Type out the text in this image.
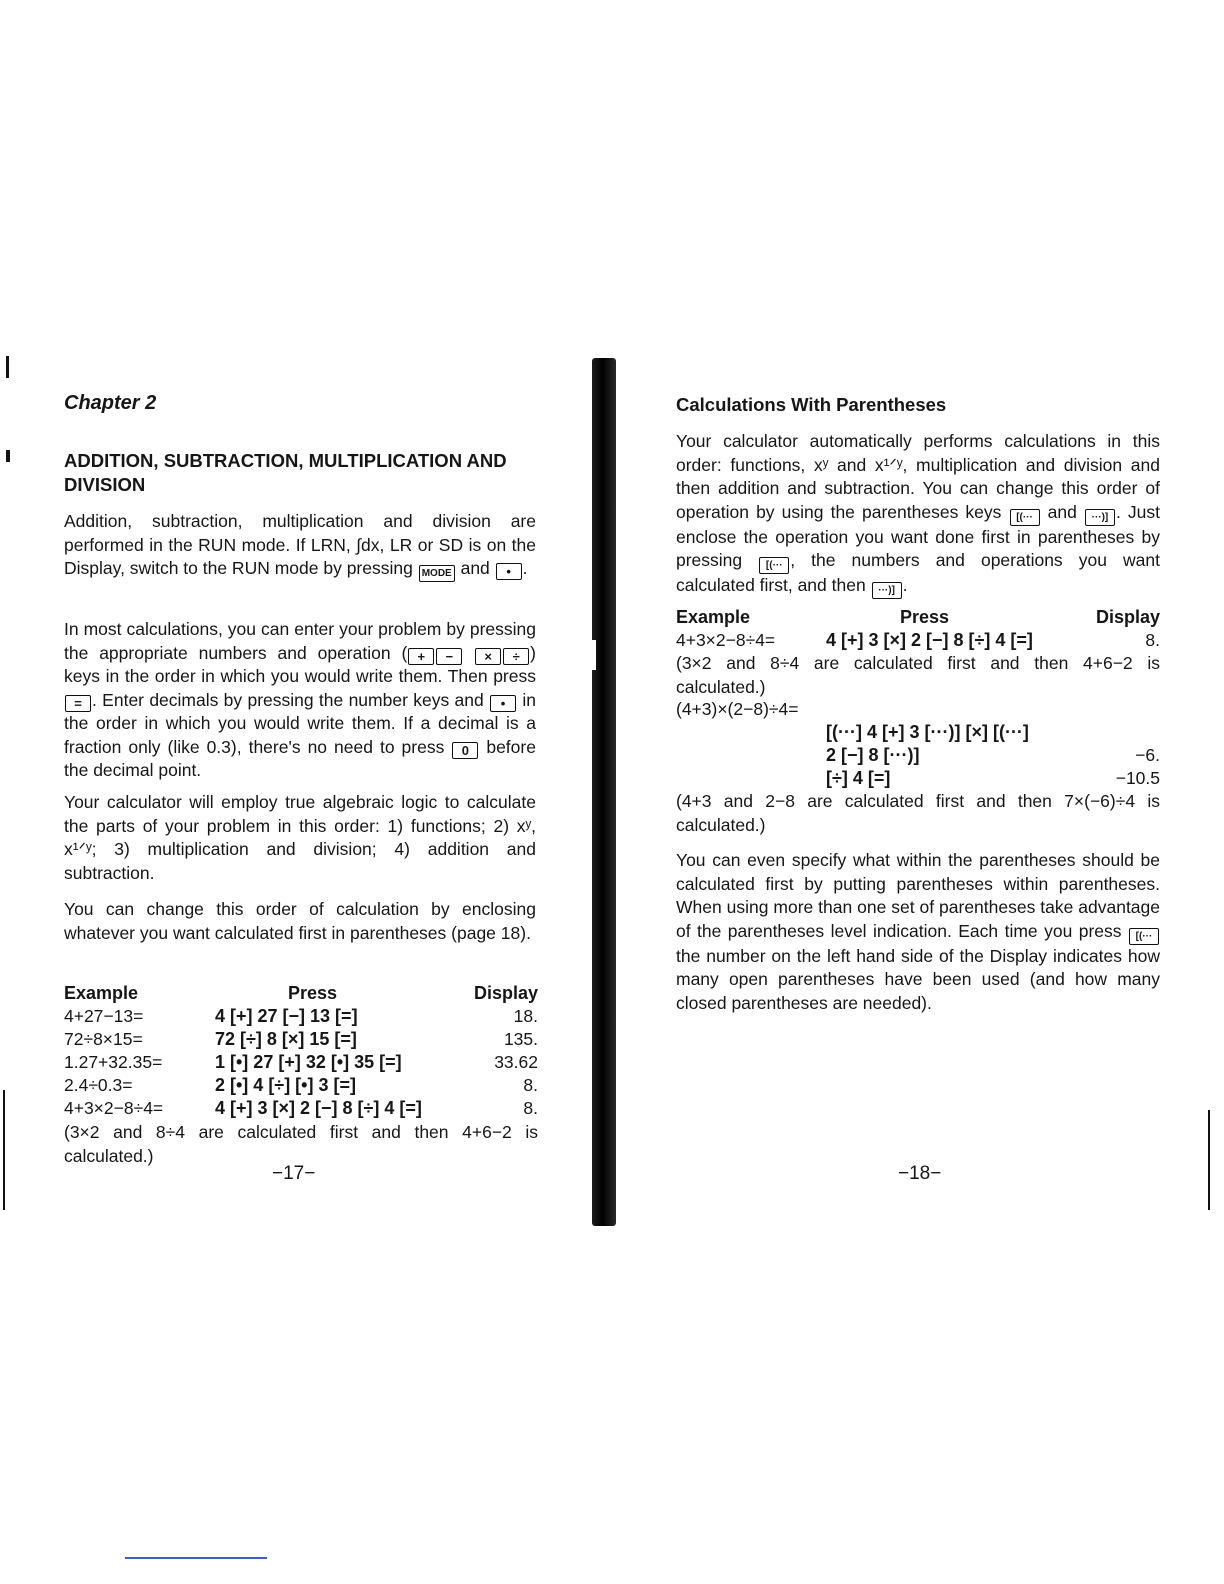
Chapter 2
ADDITION, SUBTRACTION, MULTIPLICATION AND DIVISION
Addition, subtraction, multiplication and division are performed in the RUN mode. If LRN, ∫dx, LR or SD is on the Display, switch to the RUN mode by pressing MODE and • .
In most calculations, you can enter your problem by pressing the appropriate numbers and operation ( + − × ÷ ) keys in the order in which you would write them. Then press = . Enter decimals by pressing the number keys and • in the order in which you would write them. If a decimal is a fraction only (like 0.3), there's no need to press 0 before the decimal point.
Your calculator will employ true algebraic logic to calculate the parts of your problem in this order: 1) functions; 2) xʸ, x¹ᐟʸ; 3) multiplication and division; 4) addition and subtraction.
You can change this order of calculation by enclosing whatever you want calculated first in parentheses (page 18).
Example	Press	Display
4+27−13=	4 [+] 27 [−] 13 [=]	18.
72÷8×15=	72 [÷] 8 [×] 15 [=]	135.
1.27+32.35=	1 [•] 27 [+] 32 [•] 35 [=]	33.62
2.4÷0.3=	2 [•] 4 [÷] [•] 3 [=]	8.
4+3×2−8÷4=	4 [+] 3 [×] 2 [−] 8 [÷] 4 [=]	8.
(3×2 and 8÷4 are calculated first and then 4+6−2 is calculated.)
−17−
Calculations With Parentheses
Your calculator automatically performs calculations in this order: functions, xʸ and x¹ᐟʸ, multiplication and division and then addition and subtraction. You can change this order of operation by using the parentheses keys [(··· and ···)] . Just enclose the operation you want done first in parentheses by pressing [(··· , the numbers and operations you want calculated first, and then ···)] .
Example	Press	Display
4+3×2−8÷4=	4 [+] 3 [×] 2 [−] 8 [÷] 4 [=]	8.
(3×2 and 8÷4 are calculated first and then 4+6−2 is calculated.)
(4+3)×(2−8)÷4=
[(···] 4 [+] 3 [···)] [×] [(···]
2 [−] 8 [···)]	−6.
[÷] 4 [=]	−10.5
(4+3 and 2−8 are calculated first and then 7×(−6)÷4 is calculated.)
You can even specify what within the parentheses should be calculated first by putting parentheses within parentheses. When using more than one set of parentheses take advantage of the parentheses level indication. Each time you press [(··· the number on the left hand side of the Display indicates how many open parentheses have been used (and how many closed parentheses are needed).
−18−
